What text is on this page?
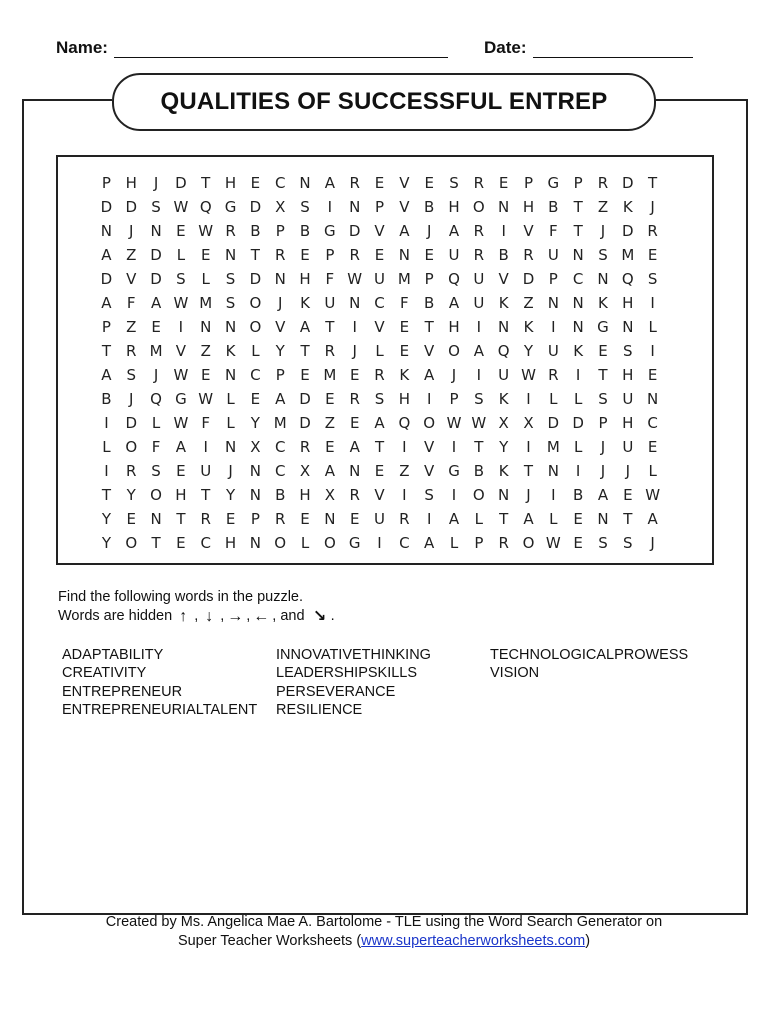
Name:	Date:
QUALITIES OF SUCCESSFUL ENTREP
P H	J	D T H E C N A R E V E	S R E	P G P	R D T
D D S W Q G D X S	I	N P	V B H O N H B	T	Z K	J
N	J	N E W R B	P	B G D V A	J	A R	I	V	F	T	J	D R
A Z D L	E N T	R E	P	R E N E U R B R U N S M E
D V D S	L	S D N H F W U M P Q U V D P	C N Q S
A	F	A W M S O	J	K U N C	F	B A U K Z N N K H	I
P	Z E	I	N N O V A	T	I	V E	T H	I	N K	I	N G N	L
T	R M V Z K	L	Y	T	R	J	L	E V O A Q Y U K	E	S	I
A S	J	W E N C	P	E M E R K A	J	I	U W R	I	T H E
B	J	Q G W L	E A D E R S H	I	P	S	K	I	L	L	S U N
I	D L W F	L	Y M D Z E A Q O W W X X D D P H C
L O F	A	I	N X C R E A	T	I	V	I	T	Y	I	M L	J	U E
I	R S	E U	J	N C X A N E Z V G B K	T N	I	J	J	L
T	Y O H T	Y N B H X R V	I	S	I	O N	J	I	B A E W
Y	E N T	R E	P	R E N E U R	I	A	L	T	A	L	E N T	A
Y O T	E C H N O L O G	I	C A	L	P	R O W E	S	S	J
Find the following words in the puzzle.
Words are hidden ↑ , ↓ , → , ← , and
↘ .
ADAPTABILITY
CREATIVITY
ENTREPRENEUR
ENTREPRENEURIALTALENT
INNOVATIVETHINKING
LEADERSHIPSKILLS
PERSEVERANCE
RESILIENCE
TECHNOLOGICALPROWESS
VISION
Created by Ms. Angelica Mae A. Bartolome - TLE using the Word Search Generator on
Super Teacher Worksheets (www.superteacherworksheets.com)
